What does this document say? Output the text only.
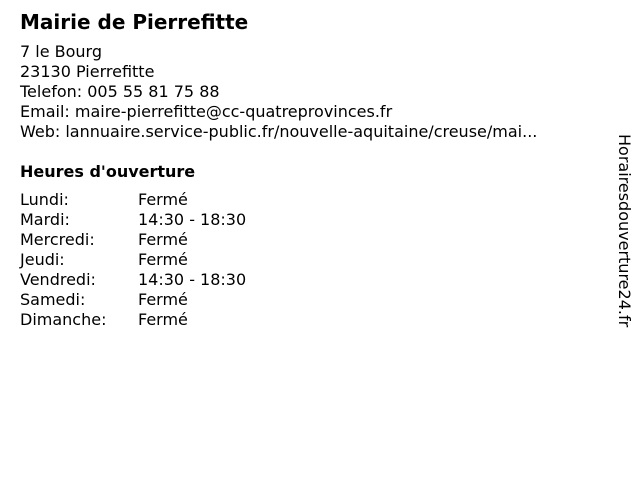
Mairie de Pierrefitte
7 le Bourg
23130 Pierrefitte
Telefon: 005 55 81 75 88
Email: maire-pierrefitte@cc-quatreprovinces.fr
Web: lannuaire.service-public.fr/nouvelle-aquitaine/creuse/mai...
Heures d'ouverture
Lundi:	Fermé
Mardi:	14:30 - 18:30
Mercredi:	Fermé
Jeudi:	Fermé
Vendredi:	14:30 - 18:30
Samedi:	Fermé
Dimanche:	Fermé	Horairesdouverture24.fr
